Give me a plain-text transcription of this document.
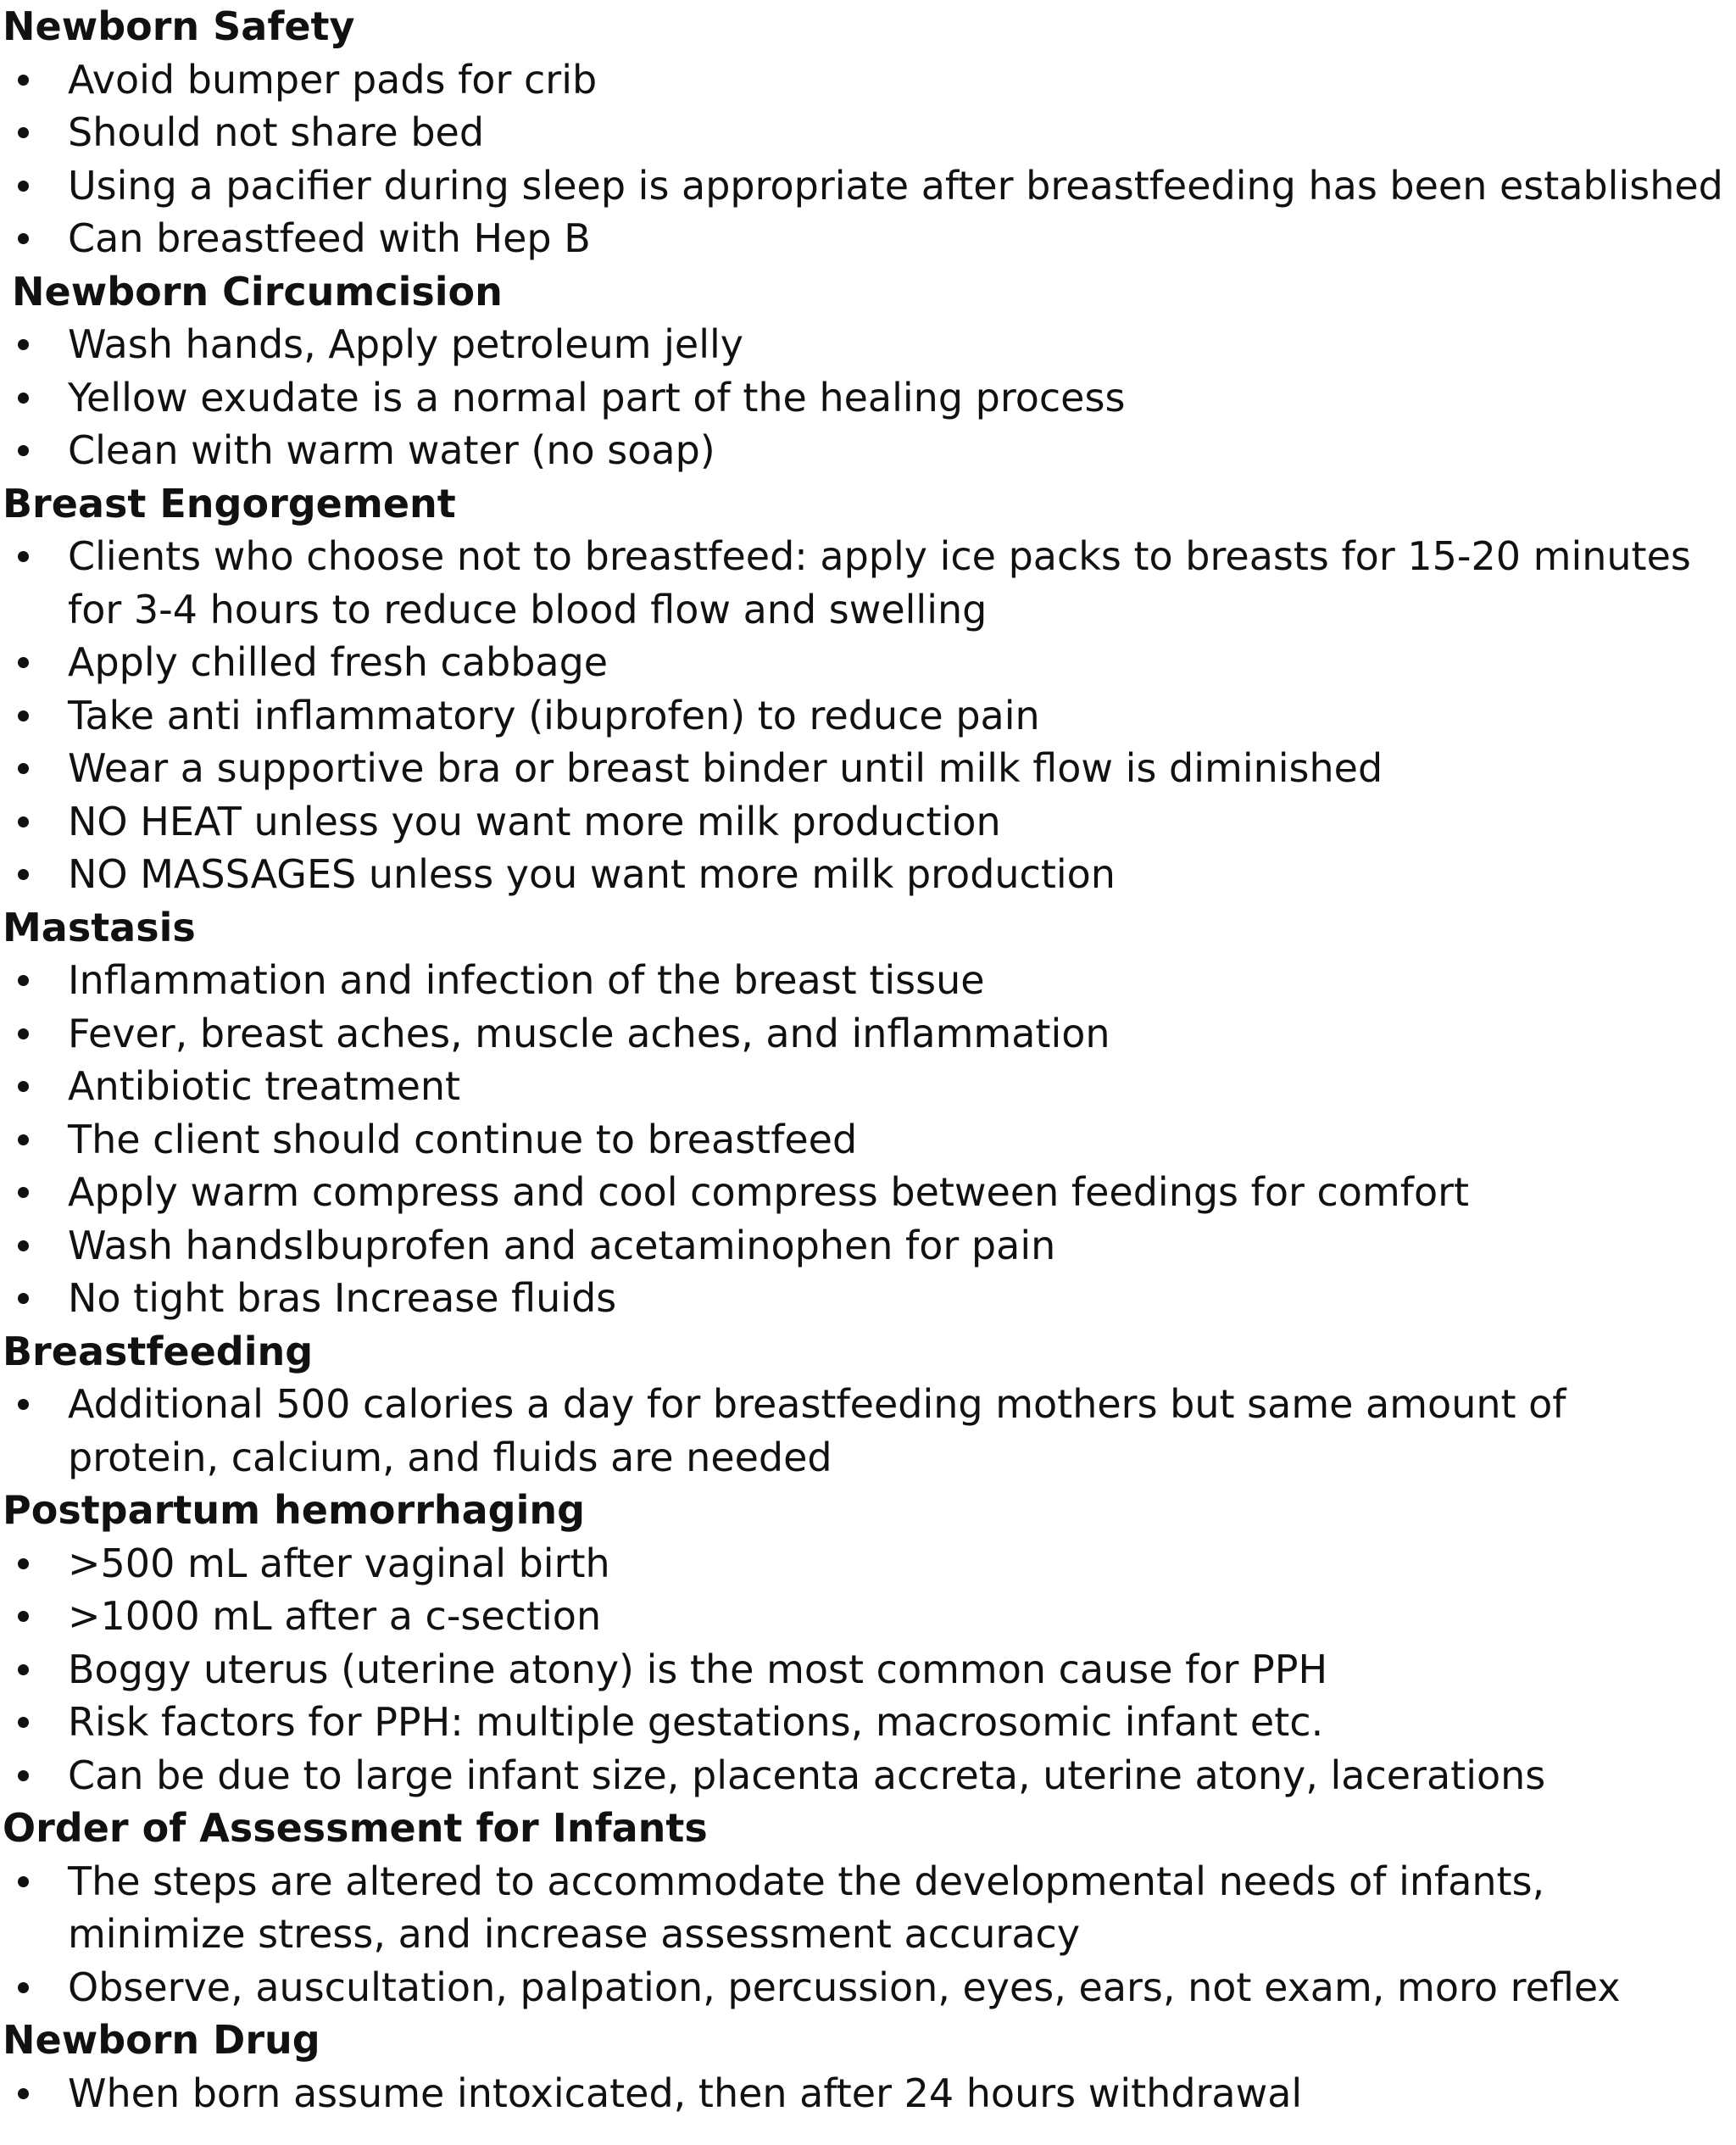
Newborn Safety
Avoid bumper pads for crib
Should not share bed
Using a pacifier during sleep is appropriate after breastfeeding has been established
Can breastfeed with Hep B
Newborn Circumcision
Wash hands, Apply petroleum jelly
Yellow exudate is a normal part of the healing process
Clean with warm water (no soap)
Breast Engorgement
Clients who choose not to breastfeed: apply ice packs to breasts for 15-20 minutes for 3-4 hours to reduce blood flow and swelling
Apply chilled fresh cabbage
Take anti inflammatory (ibuprofen) to reduce pain
Wear a supportive bra or breast binder until milk flow is diminished
NO HEAT unless you want more milk production
NO MASSAGES unless you want more milk production
Mastasis
Inflammation and infection of the breast tissue
Fever, breast aches, muscle aches, and inflammation
Antibiotic treatment
The client should continue to breastfeed
Apply warm compress and cool compress between feedings for comfort
Wash handsIbuprofen and acetaminophen for pain
No tight bras Increase fluids
Breastfeeding
Additional 500 calories a day for breastfeeding mothers but same amount of protein, calcium, and fluids are needed
Postpartum hemorrhaging
>500 mL after vaginal birth
>1000 mL after a c-section
Boggy uterus (uterine atony) is the most common cause for PPH
Risk factors for PPH: multiple gestations, macrosomic infant etc.
Can be due to large infant size, placenta accreta, uterine atony, lacerations
Order of Assessment for Infants
The steps are altered to accommodate the developmental needs of infants, minimize stress, and increase assessment accuracy
Observe, auscultation, palpation, percussion, eyes, ears, not exam, moro reflex
Newborn Drug
When born assume intoxicated, then after 24 hours withdrawal
